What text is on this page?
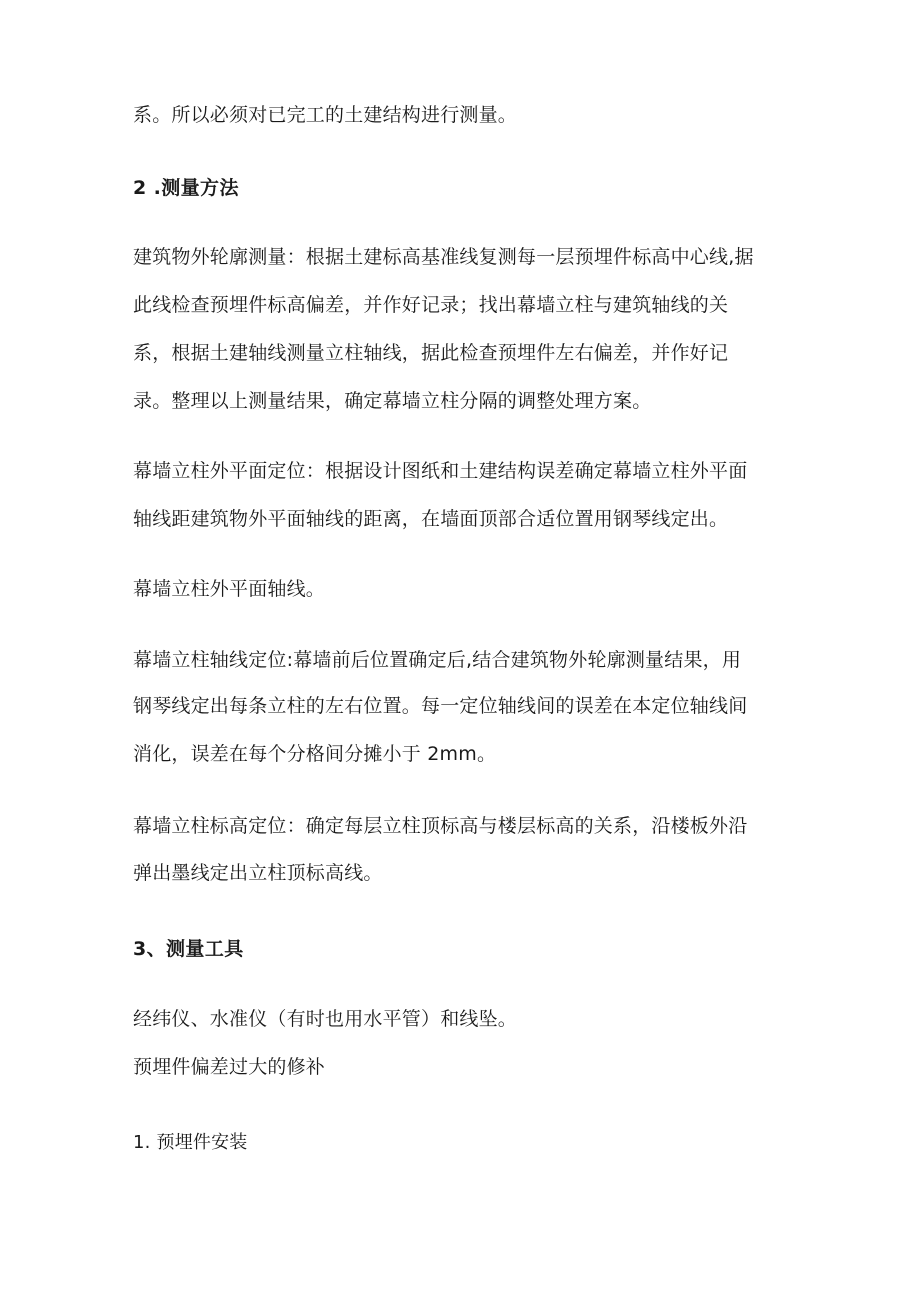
系。所以必须对已完工的土建结构进行测量。
2 .测量方法
建筑物外轮廓测量：根据土建标高基准线复测每一层预埋件标高中心线,据
此线检查预埋件标高偏差，并作好记录；找出幕墙立柱与建筑轴线的关
系，根据土建轴线测量立柱轴线，据此检查预埋件左右偏差，并作好记
录。整理以上测量结果，确定幕墙立柱分隔的调整处理方案。
幕墙立柱外平面定位：根据设计图纸和土建结构误差确定幕墙立柱外平面
轴线距建筑物外平面轴线的距离，在墙面顶部合适位置用钢琴线定出。
幕墙立柱外平面轴线。
幕墙立柱轴线定位:幕墙前后位置确定后,结合建筑物外轮廓测量结果，用
钢琴线定出每条立柱的左右位置。每一定位轴线间的误差在本定位轴线间
消化，误差在每个分格间分摊小于 2mm。
幕墙立柱标高定位：确定每层立柱顶标高与楼层标高的关系，沿楼板外沿
弹出墨线定出立柱顶标高线。
3、测量工具
经纬仪、水准仪（有时也用水平管）和线坠。
预埋件偏差过大的修补
1. 预埋件安装
